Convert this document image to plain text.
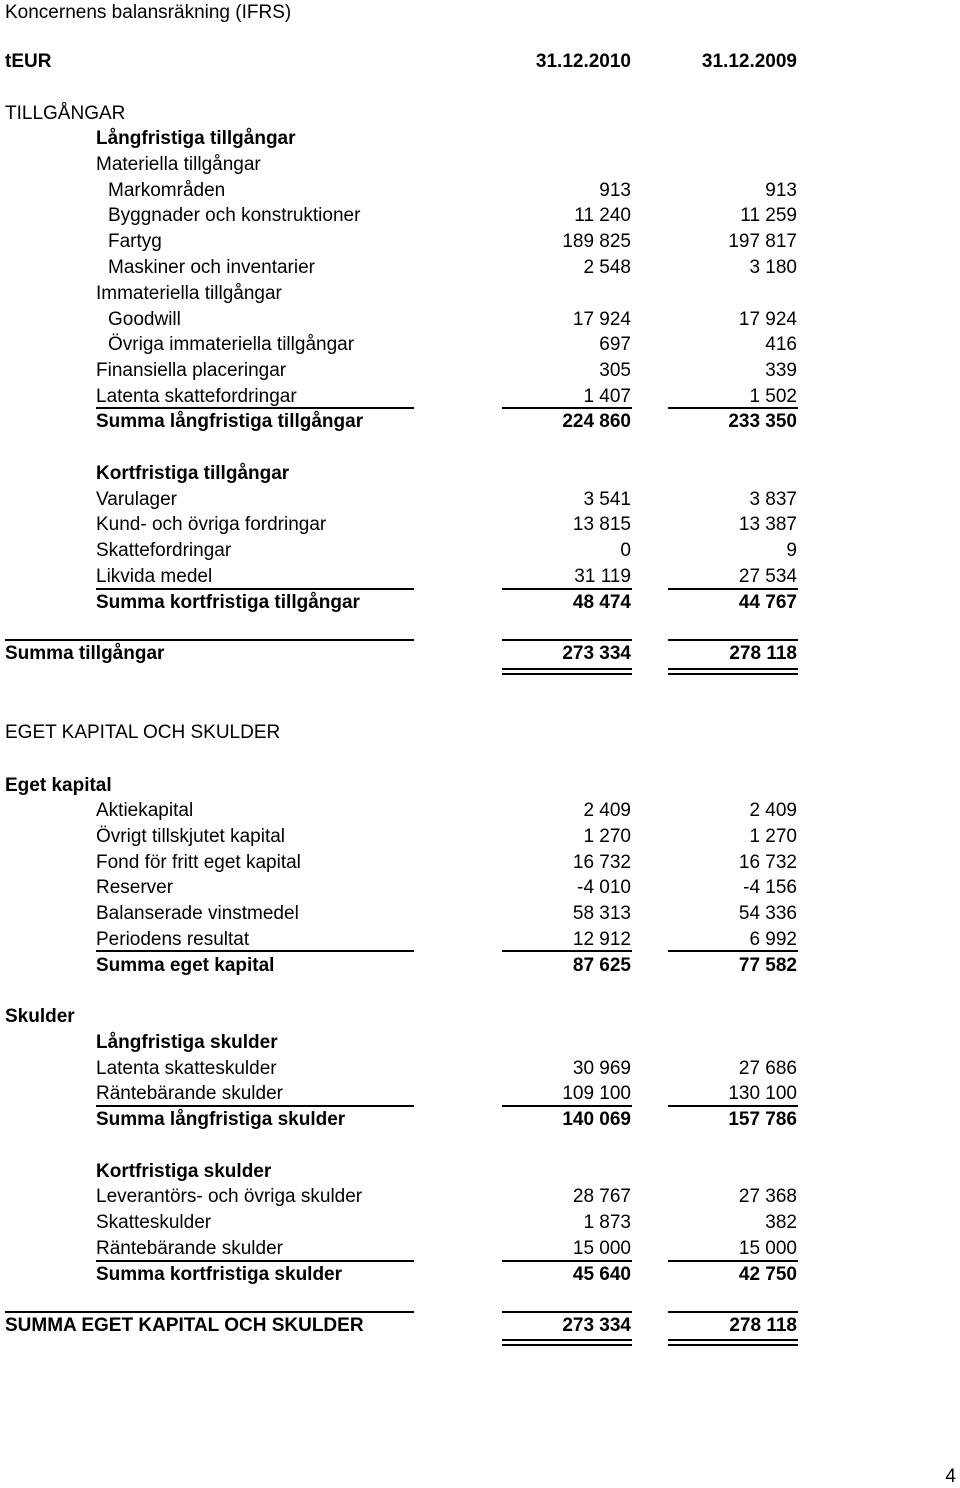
Koncernens balansräkning (IFRS)
tEUR	31.12.2010	31.12.2009
TILLGÅNGAR
Långfristiga tillgångar
Materiella tillgångar
Markområden	913	913
Byggnader och konstruktioner	11 240	11 259
Fartyg	189 825	197 817
Maskiner och inventarier	2 548	3 180
Immateriella tillgångar
Goodwill	17 924	17 924
Övriga immateriella tillgångar	697	416
Finansiella placeringar	305	339
Latenta skattefordringar	1 407	1 502
Summa långfristiga tillgångar	224 860	233 350
Kortfristiga tillgångar
Varulager	3 541	3 837
Kund- och övriga fordringar	13 815	13 387
Skattefordringar	0	9
Likvida medel	31 119	27 534
Summa kortfristiga tillgångar	48 474	44 767
Summa tillgångar	273 334	278 118
EGET KAPITAL OCH SKULDER
Eget kapital
Aktiekapital	2 409	2 409
Övrigt tillskjutet kapital	1 270	1 270
Fond för fritt eget kapital	16 732	16 732
Reserver	-4 010	-4 156
Balanserade vinstmedel	58 313	54 336
Periodens resultat	12 912	6 992
Summa eget kapital	87 625	77 582
Skulder
Långfristiga skulder
Latenta skatteskulder	30 969	27 686
Räntebärande skulder	109 100	130 100
Summa långfristiga skulder	140 069	157 786
Kortfristiga skulder
Leverantörs- och övriga skulder	28 767	27 368
Skatteskulder	1 873	382
Räntebärande skulder	15 000	15 000
Summa kortfristiga skulder	45 640	42 750
SUMMA EGET KAPITAL OCH SKULDER	273 334	278 118
4
